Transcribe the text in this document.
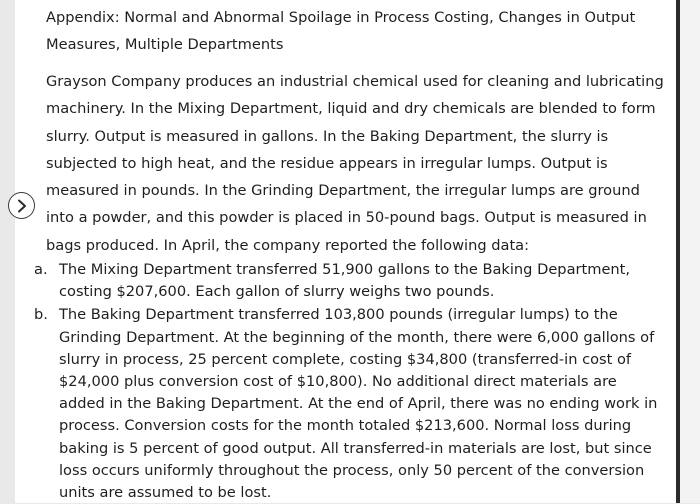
Appendix: Normal and Abnormal Spoilage in Process Costing, Changes in Output Measures, Multiple Departments

Grayson Company produces an industrial chemical used for cleaning and lubricating machinery. In the Mixing Department, liquid and dry chemicals are blended to form slurry. Output is measured in gallons. In the Baking Department, the slurry is subjected to high heat, and the residue appears in irregular lumps. Output is measured in pounds. In the Grinding Department, the irregular lumps are ground into a powder, and this powder is placed in 50-pound bags. Output is measured in bags produced. In April, the company reported the following data:

a. The Mixing Department transferred 51,900 gallons to the Baking Department, costing $207,600. Each gallon of slurry weighs two pounds.
b. The Baking Department transferred 103,800 pounds (irregular lumps) to the Grinding Department. At the beginning of the month, there were 6,000 gallons of slurry in process, 25 percent complete, costing $34,800 (transferred-in cost of $24,000 plus conversion cost of $10,800). No additional direct materials are added in the Baking Department. At the end of April, there was no ending work in process. Conversion costs for the month totaled $213,600. Normal loss during baking is 5 percent of good output. All transferred-in materials are lost, but since loss occurs uniformly throughout the process, only 50 percent of the conversion units are assumed to be lost.
